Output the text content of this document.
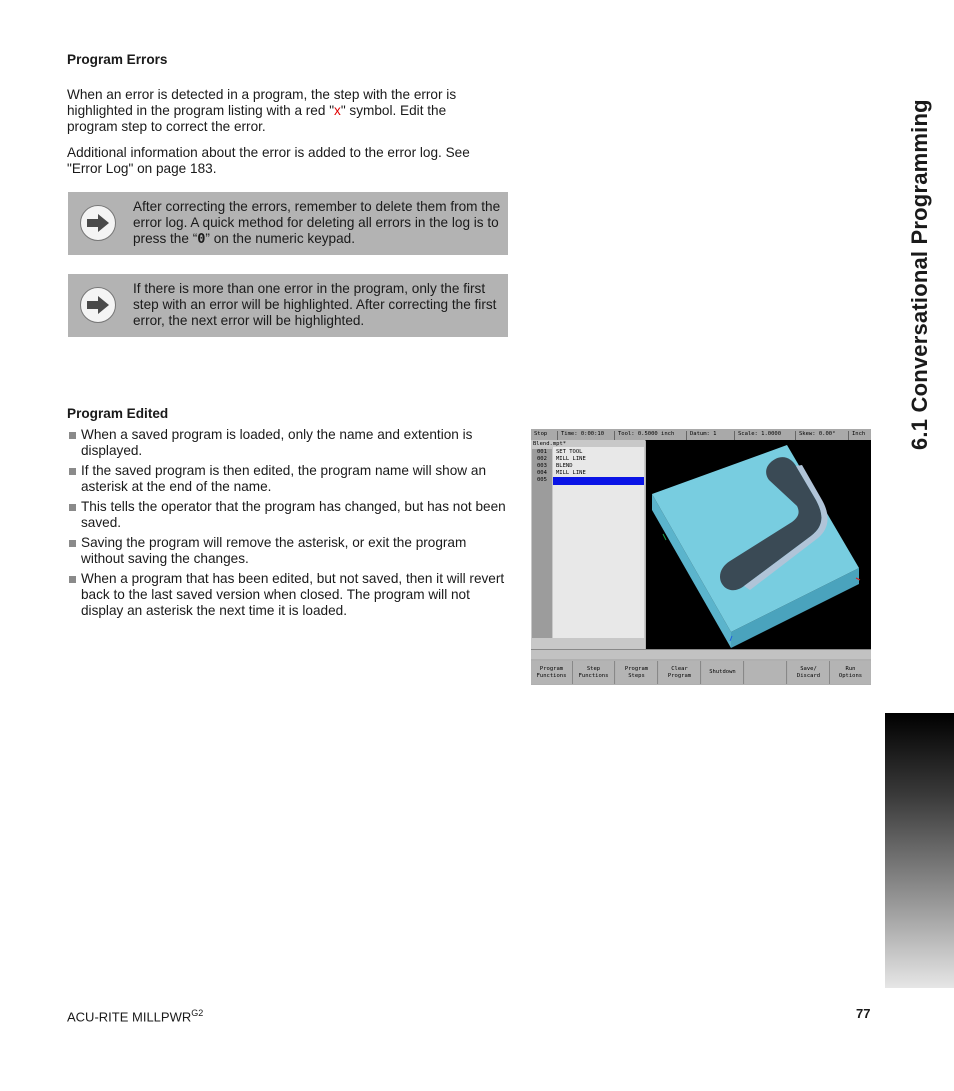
Program Errors

When an error is detected in a program, the step with the error is highlighted in the program listing with a red "x" symbol. Edit the program step to correct the error.

Additional information about the error is added to the error log. See "Error Log" on page 183.

After correcting the errors, remember to delete them from the error log. A quick method for deleting all errors in the log is to press the “0” on the numeric keypad.
If there is more than one error in the program, only the first step with an error will be highlighted. After correcting the first error, the next error will be highlighted.
Program Edited
When a saved program is loaded, only the name and extention is displayed.
If the saved program is then edited, the program name will show an asterisk at the end of the name.
This tells the operator that the program has changed, but has not been saved.
Saving the program will remove the asterisk, or exit the program without saving the changes.
When a program that has been edited, but not saved, then it will revert back to the last saved version when closed. The program will not display an asterisk the next time it is loaded.
Stop	Time: 0:00:10	Tool: 0.5000 inch	Datum: 1	Scale: 1.0000	Skew: 0.00°	Inch
Blend.mpt*
001 SET TOOL
002 MILL LINE
003 BLEND
004 MILL LINE
005
Program
Functions
Step
Functions
Program
Steps
Clear
Program
Shutdown	Save/
Discard
Run
Options
6.1 Conversational Programming
ACU-RITE $MILLPWR^{G2}$	77
